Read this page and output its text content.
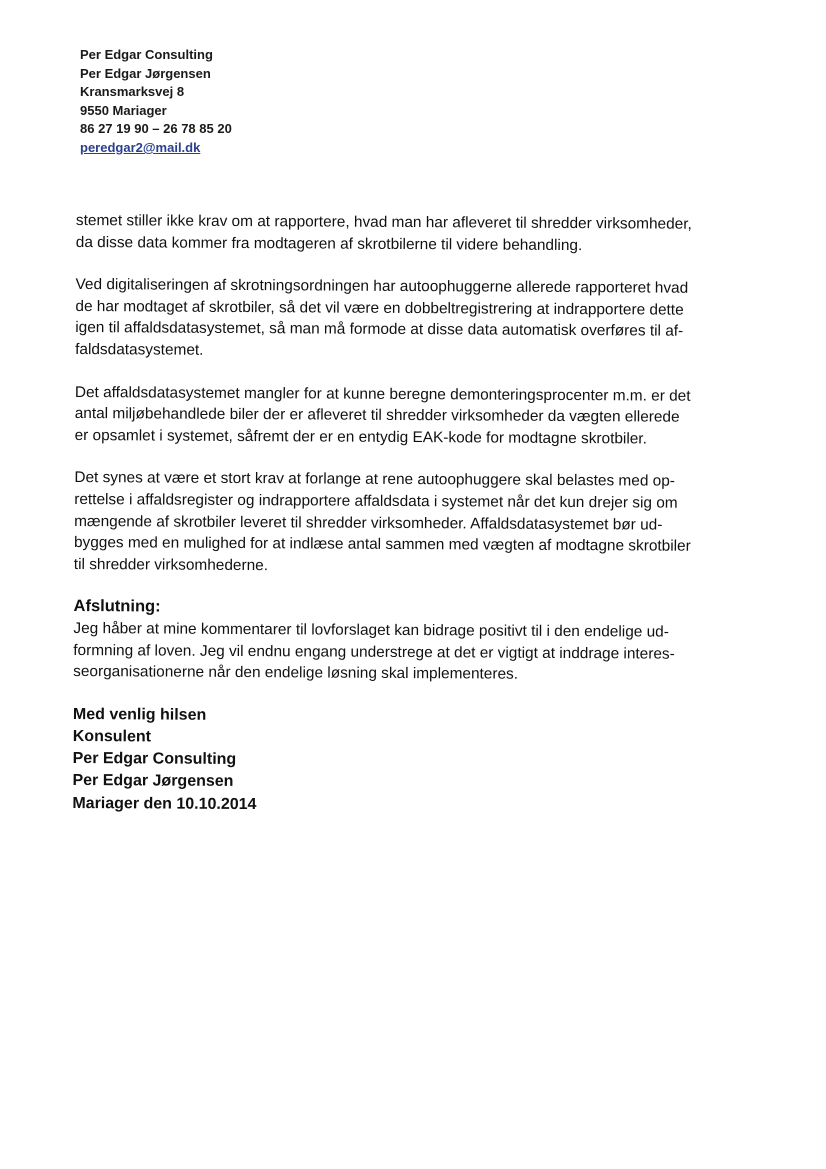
Per Edgar Consulting
Per Edgar Jørgensen
Kransmarksvej 8
9550 Mariager
86 27 19 90 – 26 78 85 20
peredgar2@mail.dk

stemet stiller ikke krav om at rapportere, hvad man har afleveret til shredder virksomheder,
da disse data kommer fra modtageren af skrotbilerne til videre behandling.

Ved digitaliseringen af skrotningsordningen har autoophuggerne allerede rapporteret hvad
de har modtaget af skrotbiler, så det vil være en dobbeltregistrering at indrapportere dette
igen til affaldsdatasystemet, så man må formode at disse data automatisk overføres til af-
faldsdatasystemet.

Det affaldsdatasystemet mangler for at kunne beregne demonteringsprocenter m.m. er det
antal miljøbehandlede biler der er afleveret til shredder virksomheder da vægten ellerede
er opsamlet i systemet, såfremt der er en entydig EAK-kode for modtagne skrotbiler.

Det synes at være et stort krav at forlange at rene autoophuggere skal belastes med op-
rettelse i affaldsregister og indrapportere affaldsdata i systemet når det kun drejer sig om
mængende af skrotbiler leveret til shredder virksomheder. Affaldsdatasystemet bør ud-
bygges med en mulighed for at indlæse antal sammen med vægten af modtagne skrotbiler
til shredder virksomhederne.

Afslutning:

Jeg håber at mine kommentarer til lovforslaget kan bidrage positivt til i den endelige ud-
formning af loven. Jeg vil endnu engang understrege at det er vigtigt at inddrage interes-
seorganisationerne når den endelige løsning skal implementeres.

Med venlig hilsen
Konsulent
Per Edgar Consulting
Per Edgar Jørgensen
Mariager den 10.10.2014
